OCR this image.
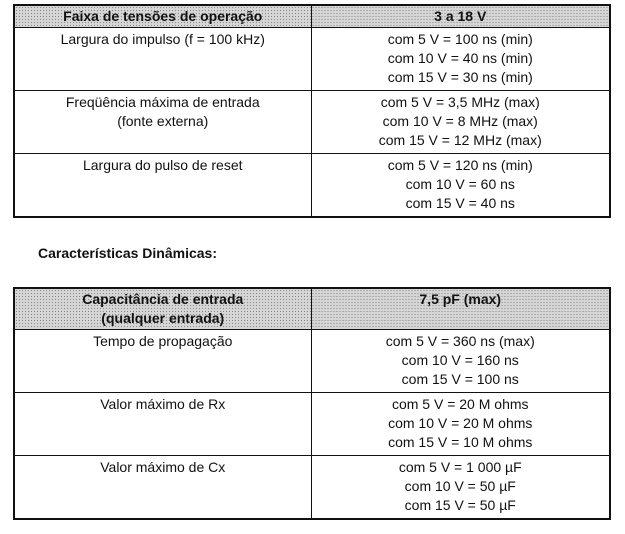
Faixa de tensões de operação	3 a 18 V

Largura do impulso (f = 100 kHz)	com 5 V = 100 ns (min)
com 10 V = 40 ns (min)
com 15 V = 30 ns (min)

Freqüência máxima de entrada
(fonte externa)	com 5 V = 3,5 MHz (max)
com 10 V = 8 MHz (max)
com 15 V = 12 MHz (max)

Largura do pulso de reset	com 5 V = 120 ns (min)
com 10 V = 60 ns
com 15 V = 40 ns
Características Dinâmicas:
Capacitância de entrada
(qualquer entrada)	7,5 pF (max)

Tempo de propagação	com 5 V = 360 ns (max)
com 10 V = 160 ns
com 15 V = 100 ns

Valor máximo de Rx	com 5 V = 20 M ohms
com 10 V = 20 M ohms
com 15 V = 10 M ohms

Valor máximo de Cx	com 5 V = 1 000 µF
com 10 V = 50 µF
com 15 V = 50 µF
